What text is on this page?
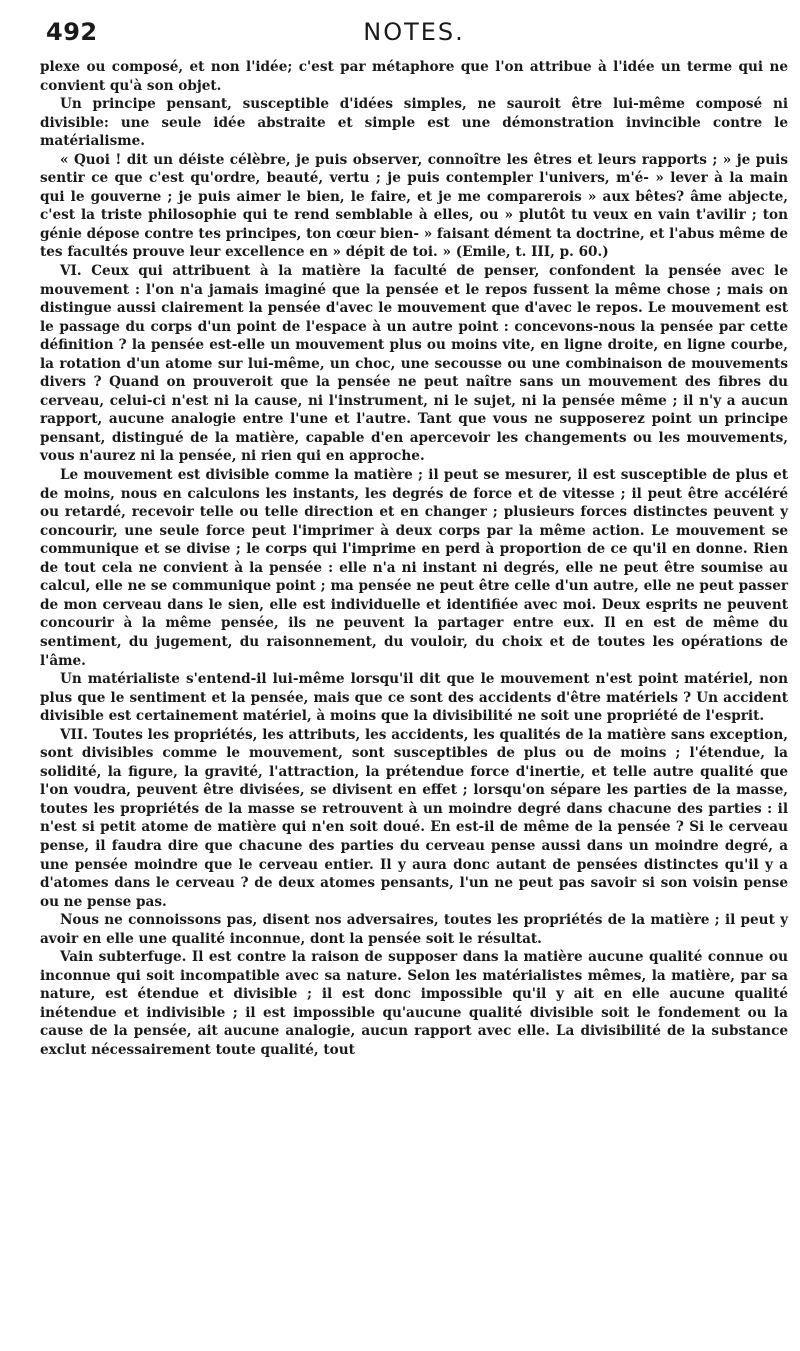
492	NOTES.

plexe ou composé, et non l'idée; c'est par métaphore que l'on attribue à l'idée un terme qui ne convient qu'à son objet.

Un principe pensant, susceptible d'idées simples, ne sauroit être lui-même composé ni divisible: une seule idée abstraite et simple est une démonstration invincible contre le matérialisme.

« Quoi ! dit un déiste célèbre, je puis observer, connoître les êtres et leurs rapports ; » je puis sentir ce que c'est qu'ordre, beauté, vertu ; je puis contempler l'univers, m'é- » lever à la main qui le gouverne ; je puis aimer le bien, le faire, et je me comparerois » aux bêtes? âme abjecte, c'est la triste philosophie qui te rend semblable à elles, ou » plutôt tu veux en vain t'avilir ; ton génie dépose contre tes principes, ton cœur bien- » faisant dément ta doctrine, et l'abus même de tes facultés prouve leur excellence en » dépit de toi. » (Emile, t. III, p. 60.)

VI. Ceux qui attribuent à la matière la faculté de penser, confondent la pensée avec le mouvement : l'on n'a jamais imaginé que la pensée et le repos fussent la même chose ; mais on distingue aussi clairement la pensée d'avec le mouvement que d'avec le repos. Le mouvement est le passage du corps d'un point de l'espace à un autre point : concevons-nous la pensée par cette définition ? la pensée est-elle un mouvement plus ou moins vite, en ligne droite, en ligne courbe, la rotation d'un atome sur lui-même, un choc, une secousse ou une combinaison de mouvements divers ? Quand on prouveroit que la pensée ne peut naître sans un mouvement des fibres du cerveau, celui-ci n'est ni la cause, ni l'instrument, ni le sujet, ni la pensée même ; il n'y a aucun rapport, aucune analogie entre l'une et l'autre. Tant que vous ne supposerez point un principe pensant, distingué de la matière, capable d'en apercevoir les changements ou les mouvements, vous n'aurez ni la pensée, ni rien qui en approche.

Le mouvement est divisible comme la matière ; il peut se mesurer, il est susceptible de plus et de moins, nous en calculons les instants, les degrés de force et de vitesse ; il peut être accéléré ou retardé, recevoir telle ou telle direction et en changer ; plusieurs forces distinctes peuvent y concourir, une seule force peut l'imprimer à deux corps par la même action. Le mouvement se communique et se divise ; le corps qui l'imprime en perd à proportion de ce qu'il en donne. Rien de tout cela ne convient à la pensée : elle n'a ni instant ni degrés, elle ne peut être soumise au calcul, elle ne se communique point ; ma pensée ne peut être celle d'un autre, elle ne peut passer de mon cerveau dans le sien, elle est individuelle et identifiée avec moi. Deux esprits ne peuvent concourir à la même pensée, ils ne peuvent la partager entre eux. Il en est de même du sentiment, du jugement, du raisonnement, du vouloir, du choix et de toutes les opérations de l'âme.

Un matérialiste s'entend-il lui-même lorsqu'il dit que le mouvement n'est point matériel, non plus que le sentiment et la pensée, mais que ce sont des accidents d'être matériels ? Un accident divisible est certainement matériel, à moins que la divisibilité ne soit une propriété de l'esprit.

VII. Toutes les propriétés, les attributs, les accidents, les qualités de la matière sans exception, sont divisibles comme le mouvement, sont susceptibles de plus ou de moins ; l'étendue, la solidité, la figure, la gravité, l'attraction, la prétendue force d'inertie, et telle autre qualité que l'on voudra, peuvent être divisées, se divisent en effet ; lorsqu'on sépare les parties de la masse, toutes les propriétés de la masse se retrouvent à un moindre degré dans chacune des parties : il n'est si petit atome de matière qui n'en soit doué. En est-il de même de la pensée ? Si le cerveau pense, il faudra dire que chacune des parties du cerveau pense aussi dans un moindre degré, a une pensée moindre que le cerveau entier. Il y aura donc autant de pensées distinctes qu'il y a d'atomes dans le cerveau ? de deux atomes pensants, l'un ne peut pas savoir si son voisin pense ou ne pense pas.

Nous ne connoissons pas, disent nos adversaires, toutes les propriétés de la matière ; il peut y avoir en elle une qualité inconnue, dont la pensée soit le résultat.

Vain subterfuge. Il est contre la raison de supposer dans la matière aucune qualité connue ou inconnue qui soit incompatible avec sa nature. Selon les matérialistes mêmes, la matière, par sa nature, est étendue et divisible ; il est donc impossible qu'il y ait en elle aucune qualité inétendue et indivisible ; il est impossible qu'aucune qualité divisible soit le fondement ou la cause de la pensée, ait aucune analogie, aucun rapport avec elle. La divisibilité de la substance exclut nécessairement toute qualité, tout
